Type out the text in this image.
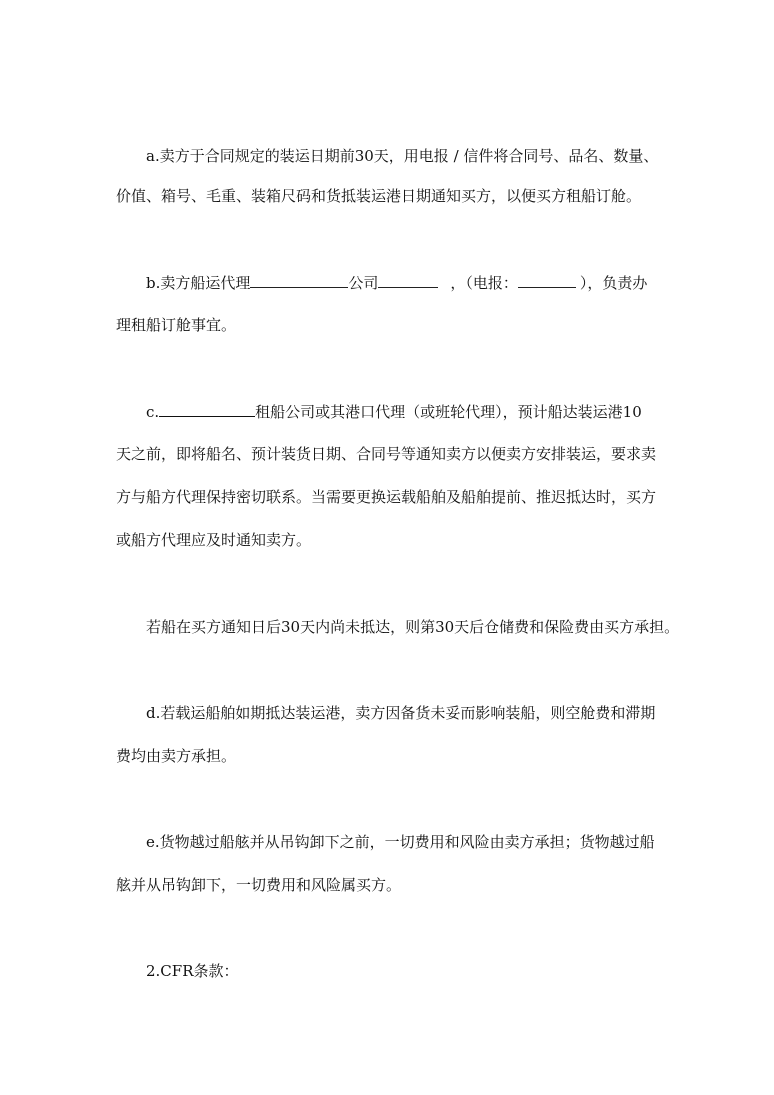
a.卖方于合同规定的装运日期前30天，用电报 / 信件将合同号、品名、数量、
价值、箱号、毛重、装箱尺码和货抵装运港日期通知买方，以便买方租船订舱。
b.卖方船运代理	公司	，（电报：	），负责办
理租船订舱事宜。
c.	租船公司或其港口代理（或班轮代理），预计船达装运港10
天之前，即将船名、预计装货日期、合同号等通知卖方以便卖方安排装运，要求卖
方与船方代理保持密切联系。当需要更换运载船舶及船舶提前、推迟抵达时，买方
或船方代理应及时通知卖方。
若船在买方通知日后30天内尚未抵达，则第30天后仓储费和保险费由买方承担。
d.若载运船舶如期抵达装运港，卖方因备货未妥而影响装船，则空舱费和滞期
费均由卖方承担。
e.货物越过船舷并从吊钩卸下之前，一切费用和风险由卖方承担；货物越过船
舷并从吊钩卸下，一切费用和风险属买方。
2.CFR条款：
